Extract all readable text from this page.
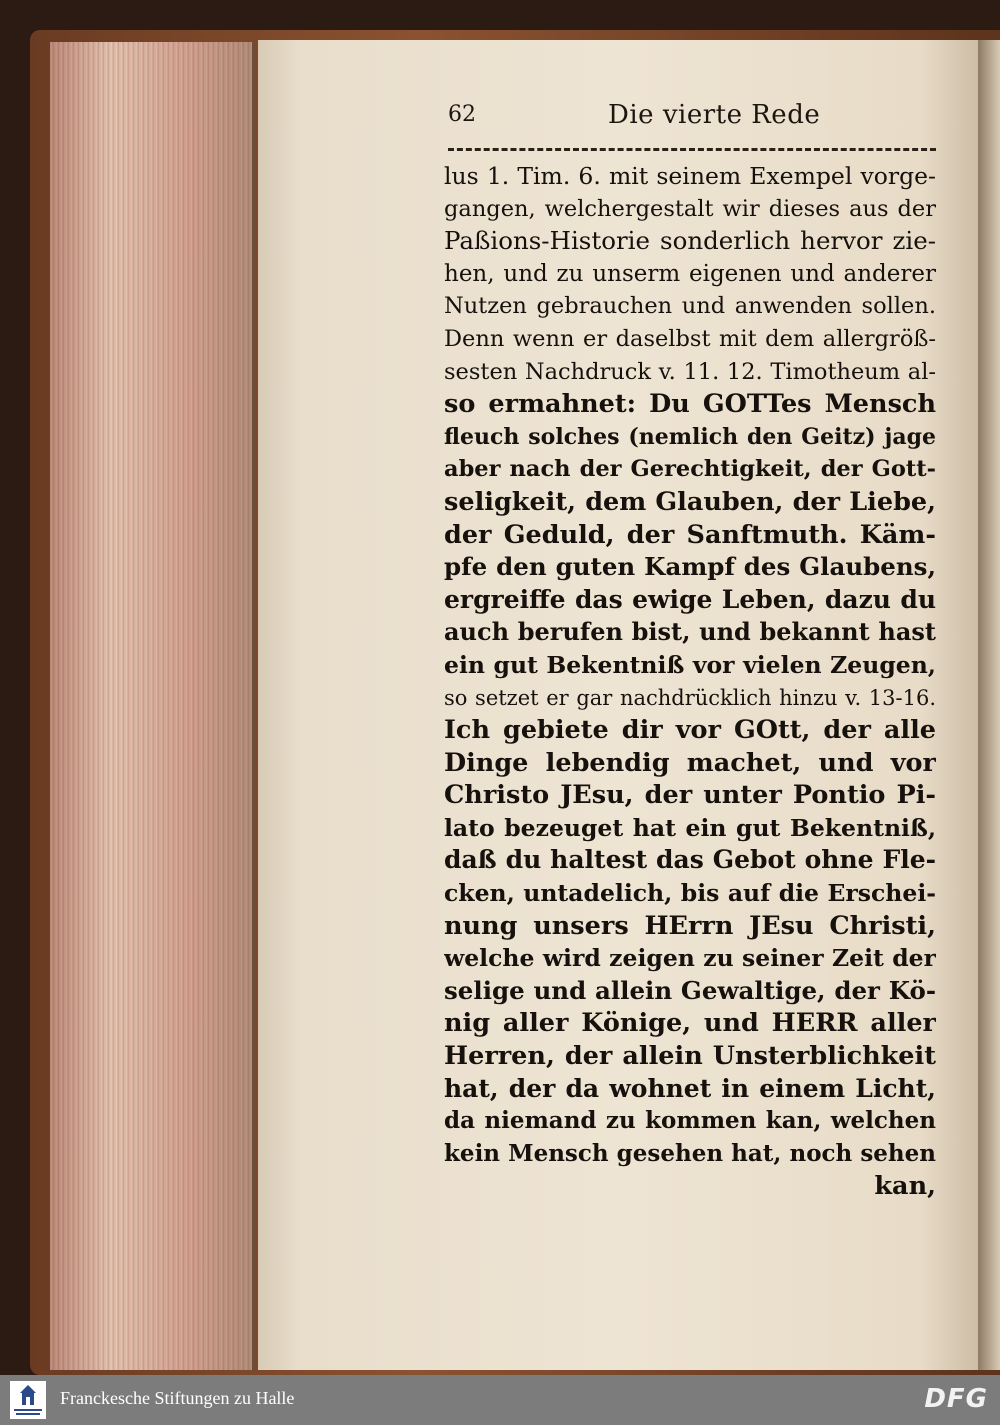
62	Die vierte Rede
lus 1. Tim. 6. mit seinem Exempel vorge-
gangen, welchergestalt wir dieses aus der
Paßions-Historie sonderlich hervor zie-
hen, und zu unserm eigenen und anderer
Nutzen gebrauchen und anwenden sollen.
Denn wenn er daselbst mit dem allergröß-
sesten Nachdruck v. 11. 12. Timotheum al-
so ermahnet: Du GOTTes Mensch
fleuch solches (nemlich den Geitz) jage
aber nach der Gerechtigkeit, der Gott-
seligkeit, dem Glauben, der Liebe,
der Geduld, der Sanftmuth. Käm-
pfe den guten Kampf des Glaubens,
ergreiffe das ewige Leben, dazu du
auch berufen bist, und bekannt hast
ein gut Bekentniß vor vielen Zeugen,
so setzet er gar nachdrücklich hinzu v. 13-16.
Ich gebiete dir vor GOtt, der alle
Dinge lebendig machet, und vor
Christo JEsu, der unter Pontio Pi-
lato bezeuget hat ein gut Bekentniß,
daß du haltest das Gebot ohne Fle-
cken, untadelich, bis auf die Erschei-
nung unsers HErrn JEsu Christi,
welche wird zeigen zu seiner Zeit der
selige und allein Gewaltige, der Kö-
nig aller Könige, und HERR aller
Herren, der allein Unsterblichkeit
hat, der da wohnet in einem Licht,
da niemand zu kommen kan, welchen
kein Mensch gesehen hat, noch sehen
kan,
Franckesche Stiftungen zu Halle	DFG
